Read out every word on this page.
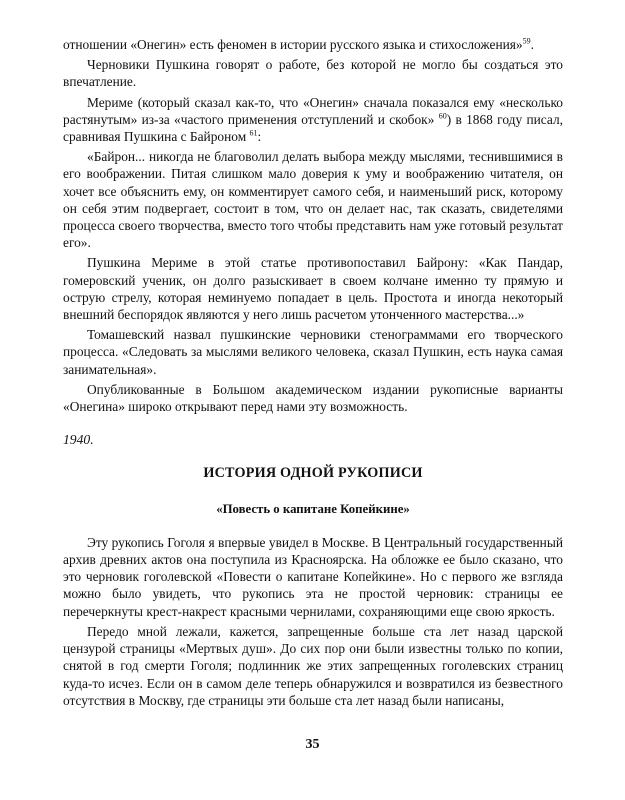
отношении «Онегин» есть феномен в истории русского языка и стихосложения»$^{59}$.

Черновики Пушкина говорят о работе, без которой не могло бы создаться это впечатление.

Мериме (который сказал как-то, что «Онегин» сначала показался ему «несколько растянутым» из-за «частого применения отступлений и скобок» $^{60}$) в 1868 году писал, сравнивая Пушкина с Байроном $^{61}$:

«Байрон... никогда не благоволил делать выбора между мыслями, теснившимися в его воображении. Питая слишком мало доверия к уму и воображению читателя, он хочет все объяснить ему, он комментирует самого себя, и наименьший риск, которому он себя этим подвергает, состоит в том, что он делает нас, так сказать, свидетелями процесса своего творчества, вместо того чтобы представить нам уже готовый результат его».

Пушкина Мериме в этой статье противопоставил Байрону: «Как Пандар, гомеровский ученик, он долго разыскивает в своем колчане именно ту прямую и острую стрелу, которая неминуемо попадает в цель. Простота и иногда некоторый внешний беспорядок являются у него лишь расчетом утонченного мастерства...»

Томашевский назвал пушкинские черновики стенограммами его творческого процесса. «Следовать за мыслями великого человека, сказал Пушкин, есть наука самая занимательная».

Опубликованные в Большом академическом издании рукописные варианты «Онегина» широко открывают перед нами эту возможность.

1940.
ИСТОРИЯ ОДНОЙ РУКОПИСИ
«Повесть о капитане Копейкине»

Эту рукопись Гоголя я впервые увидел в Москве. В Центральный государственный архив древних актов она поступила из Красноярска. На обложке ее было сказано, что это черновик гоголевской «Повести о капитане Копейкине». Но с первого же взгляда можно было увидеть, что рукопись эта не простой черновик: страницы ее перечеркнуты крест-накрест красными чернилами, сохраняющими еще свою яркость.

Передо мной лежали, кажется, запрещенные больше ста лет назад царской цензурой страницы «Мертвых душ». До сих пор они были известны только по копии, снятой в год смерти Гоголя; подлинник же этих запрещенных гоголевских страниц куда-то исчез. Если он в самом деле теперь обнаружился и возвратился из безвестного отсутствия в Москву, где страницы эти больше ста лет назад были написаны,

35
